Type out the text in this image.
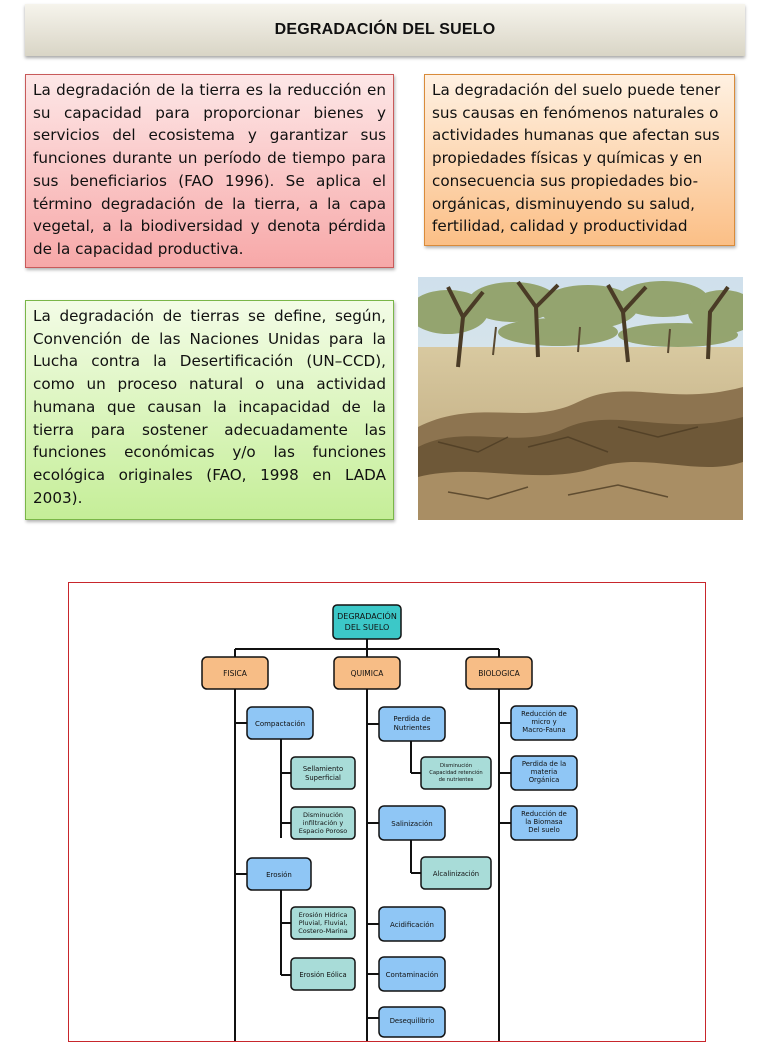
DEGRADACIÓN DEL SUELO
La degradación de la tierra es la reducción en su capacidad para proporcionar bienes y servicios del ecosistema y garantizar sus funciones durante un período de tiempo para sus beneficiarios (FAO 1996). Se aplica el término degradación de la tierra, a la capa vegetal, a la biodiversidad y denota pérdida de la capacidad productiva.
La degradación del suelo puede tener sus causas en fenómenos naturales o actividades humanas que afectan sus propiedades físicas y químicas y en consecuencia sus propiedades bio-orgánicas, disminuyendo su salud, fertilidad, calidad y productividad
La degradación de tierras se define, según, Convención de las Naciones Unidas para la Lucha contra la Desertificación (UN–CCD), como un proceso natural o una actividad humana que causan la incapacidad de la tierra para sostener adecuadamente las funciones económicas y/o las funciones ecológica originales (FAO, 1998 en LADA 2003).
DEGRADACIÓN
DEL SUELO
FISICA	QUIMICA	BIOLOGICA
Compactación
Sellamiento
Superficial
Disminución
infiltración y
Espacio Poroso
Erosión
Erosión Hídrica
Pluvial, Fluvial,
Costero-Marina
Erosión Eólica
Perdida de
Nutrientes
Disminución
Capacidad retención
de nutrientes
Salinización
Alcalinización
Acidificación
Contaminación
Desequilibrio
Reducción de
micro y
Macro-Fauna
Perdida de la
materia
Orgánica
Reducción de
la Biomasa
Del suelo
